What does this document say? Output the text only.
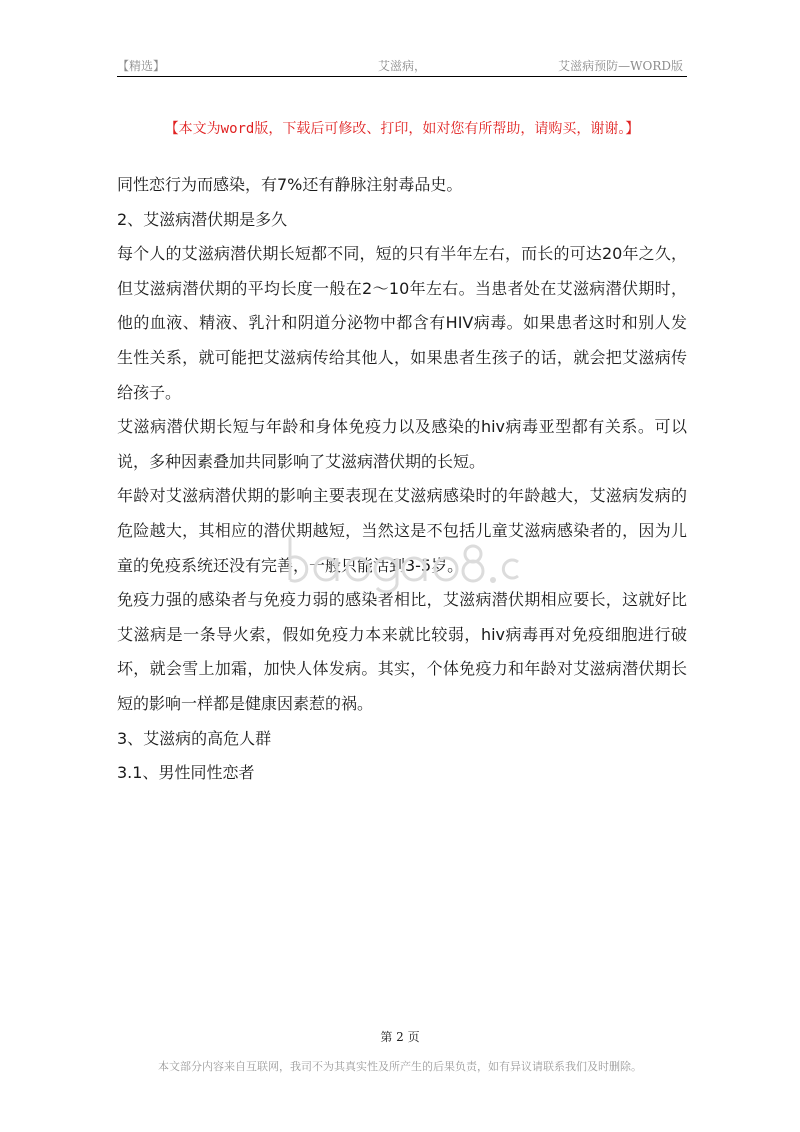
【精选】	艾滋病，	艾滋病预防—WORD版
【本文为word版，下载后可修改、打印，如对您有所帮助，请购买，谢谢。】

同性恋行为而感染，有7%还有静脉注射毒品史。

2、艾滋病潜伏期是多久

每个人的艾滋病潜伏期长短都不同，短的只有半年左右，而长的可达20年之久，但艾滋病潜伏期的平均长度一般在2～10年左右。当患者处在艾滋病潜伏期时，他的血液、精液、乳汁和阴道分泌物中都含有HIV病毒。如果患者这时和别人发生性关系，就可能把艾滋病传给其他人，如果患者生孩子的话，就会把艾滋病传给孩子。

艾滋病潜伏期长短与年龄和身体免疫力以及感染的hiv病毒亚型都有关系。可以说，多种因素叠加共同影响了艾滋病潜伏期的长短。

年龄对艾滋病潜伏期的影响主要表现在艾滋病感染时的年龄越大，艾滋病发病的危险越大，其相应的潜伏期越短，当然这是不包括儿童艾滋病感染者的，因为儿童的免疫系统还没有完善，一般只能活到3-5岁。

免疫力强的感染者与免疫力弱的感染者相比，艾滋病潜伏期相应要长，这就好比艾滋病是一条导火索，假如免疫力本来就比较弱，hiv病毒再对免疫细胞进行破坏，就会雪上加霜，加快人体发病。其实，个体免疫力和年龄对艾滋病潜伏期长短的影响一样都是健康因素惹的祸。

3、艾滋病的高危人群

3.1、男性同性恋者

第 2 页
本文部分内容来自互联网，我司不为其真实性及所产生的后果负责，如有异议请联系我们及时删除。
